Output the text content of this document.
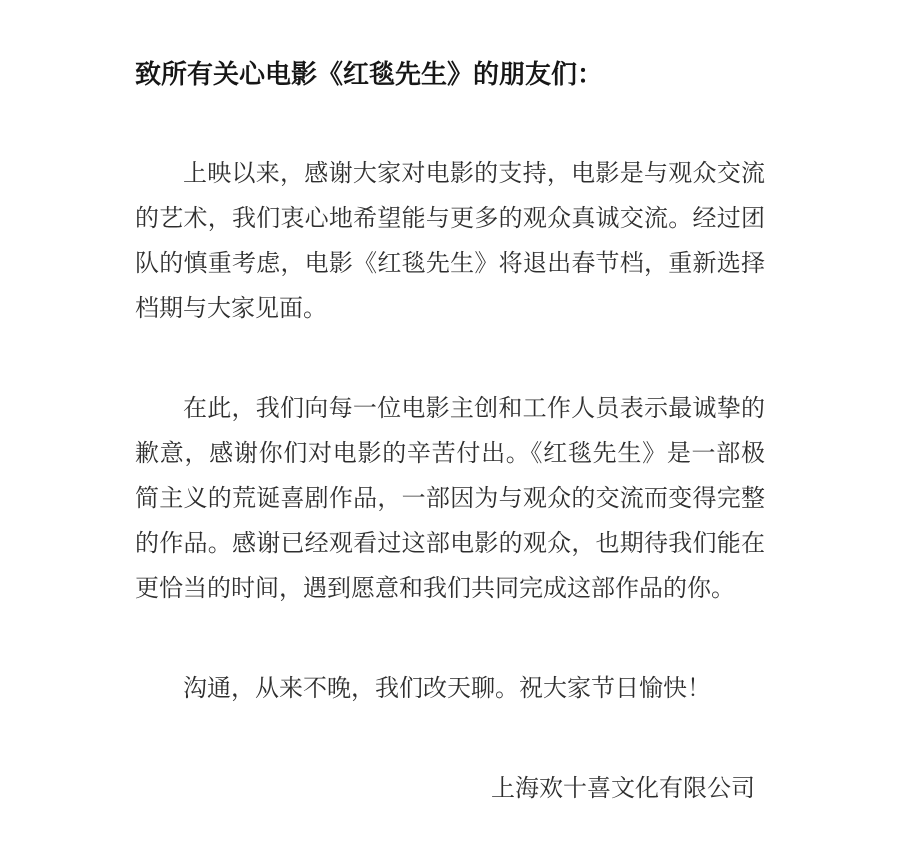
致所有关心电影《红毯先生》的朋友们：

上映以来，感谢大家对电影的支持，电影是与观众交流的艺术，我们衷心地希望能与更多的观众真诚交流。经过团队的慎重考虑，电影《红毯先生》将退出春节档，重新选择档期与大家见面。

在此，我们向每一位电影主创和工作人员表示最诚挚的歉意，感谢你们对电影的辛苦付出。《红毯先生》是一部极简主义的荒诞喜剧作品，一部因为与观众的交流而变得完整的作品。感谢已经观看过这部电影的观众，也期待我们能在更恰当的时间，遇到愿意和我们共同完成这部作品的你。

沟通，从来不晚，我们改天聊。祝大家节日愉快！

上海欢十喜文化有限公司
